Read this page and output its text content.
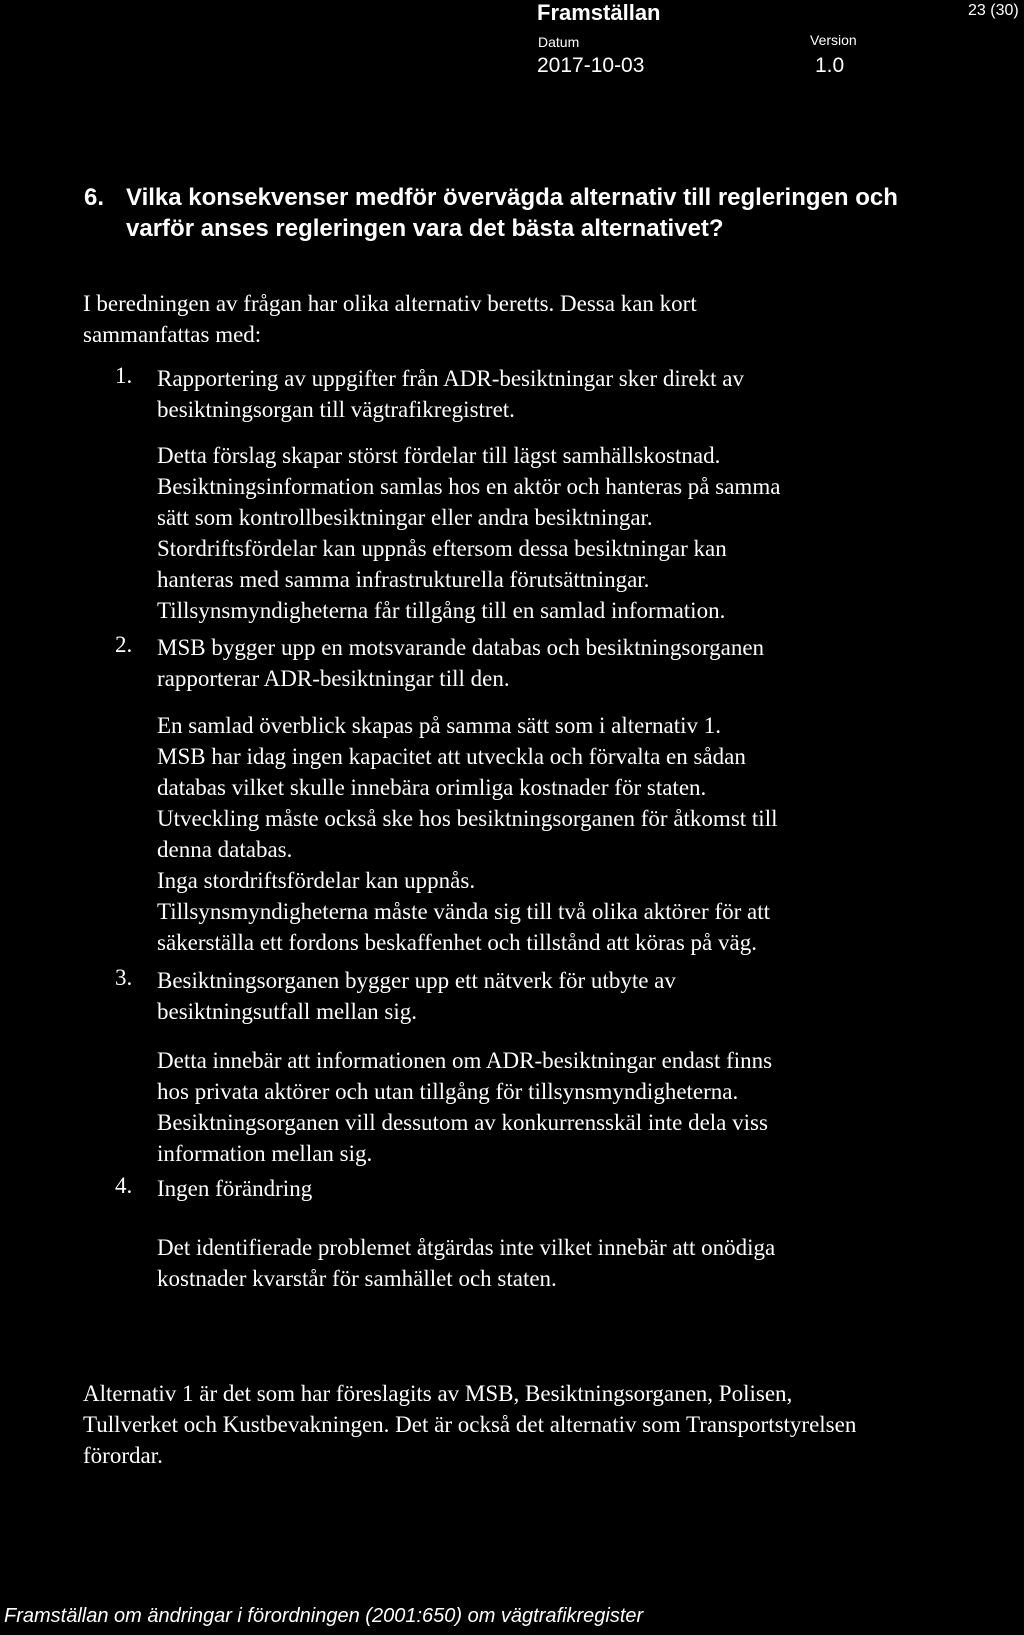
Framställan	23 (30)
Datum	Version
2017-10-03	1.0
6. Vilka konsekvenser medför övervägda alternativ till regleringen och varför anses regleringen vara det bästa alternativet?
I beredningen av frågan har olika alternativ beretts. Dessa kan kort sammanfattas med:
1. Rapportering av uppgifter från ADR-besiktningar sker direkt av besiktningsorgan till vägtrafikregistret.
Detta förslag skapar störst fördelar till lägst samhällskostnad.
Besiktningsinformation samlas hos en aktör och hanteras på samma
sätt som kontrollbesiktningar eller andra besiktningar.
Stordriftsfördelar kan uppnås eftersom dessa besiktningar kan
hanteras med samma infrastrukturella förutsättningar.
Tillsynsmyndigheterna får tillgång till en samlad information.
2. MSB bygger upp en motsvarande databas och besiktningsorganen rapporterar ADR-besiktningar till den.
En samlad överblick skapas på samma sätt som i alternativ 1.
MSB har idag ingen kapacitet att utveckla och förvalta en sådan
databas vilket skulle innebära orimliga kostnader för staten.
Utveckling måste också ske hos besiktningsorganen för åtkomst till
denna databas.
Inga stordriftsfördelar kan uppnås.
Tillsynsmyndigheterna måste vända sig till två olika aktörer för att
säkerställa ett fordons beskaffenhet och tillstånd att köras på väg.
3. Besiktningsorganen bygger upp ett nätverk för utbyte av besiktningsutfall mellan sig.
Detta innebär att informationen om ADR-besiktningar endast finns
hos privata aktörer och utan tillgång för tillsynsmyndigheterna.
Besiktningsorganen vill dessutom av konkurrensskäl inte dela viss
information mellan sig.
4. Ingen förändring
Det identifierade problemet åtgärdas inte vilket innebär att onödiga
kostnader kvarstår för samhället och staten.
Alternativ 1 är det som har föreslagits av MSB, Besiktningsorganen, Polisen, Tullverket och Kustbevakningen. Det är också det alternativ som Transportstyrelsen förordar.
Framställan om ändringar i förordningen (2001:650) om vägtrafikregister
